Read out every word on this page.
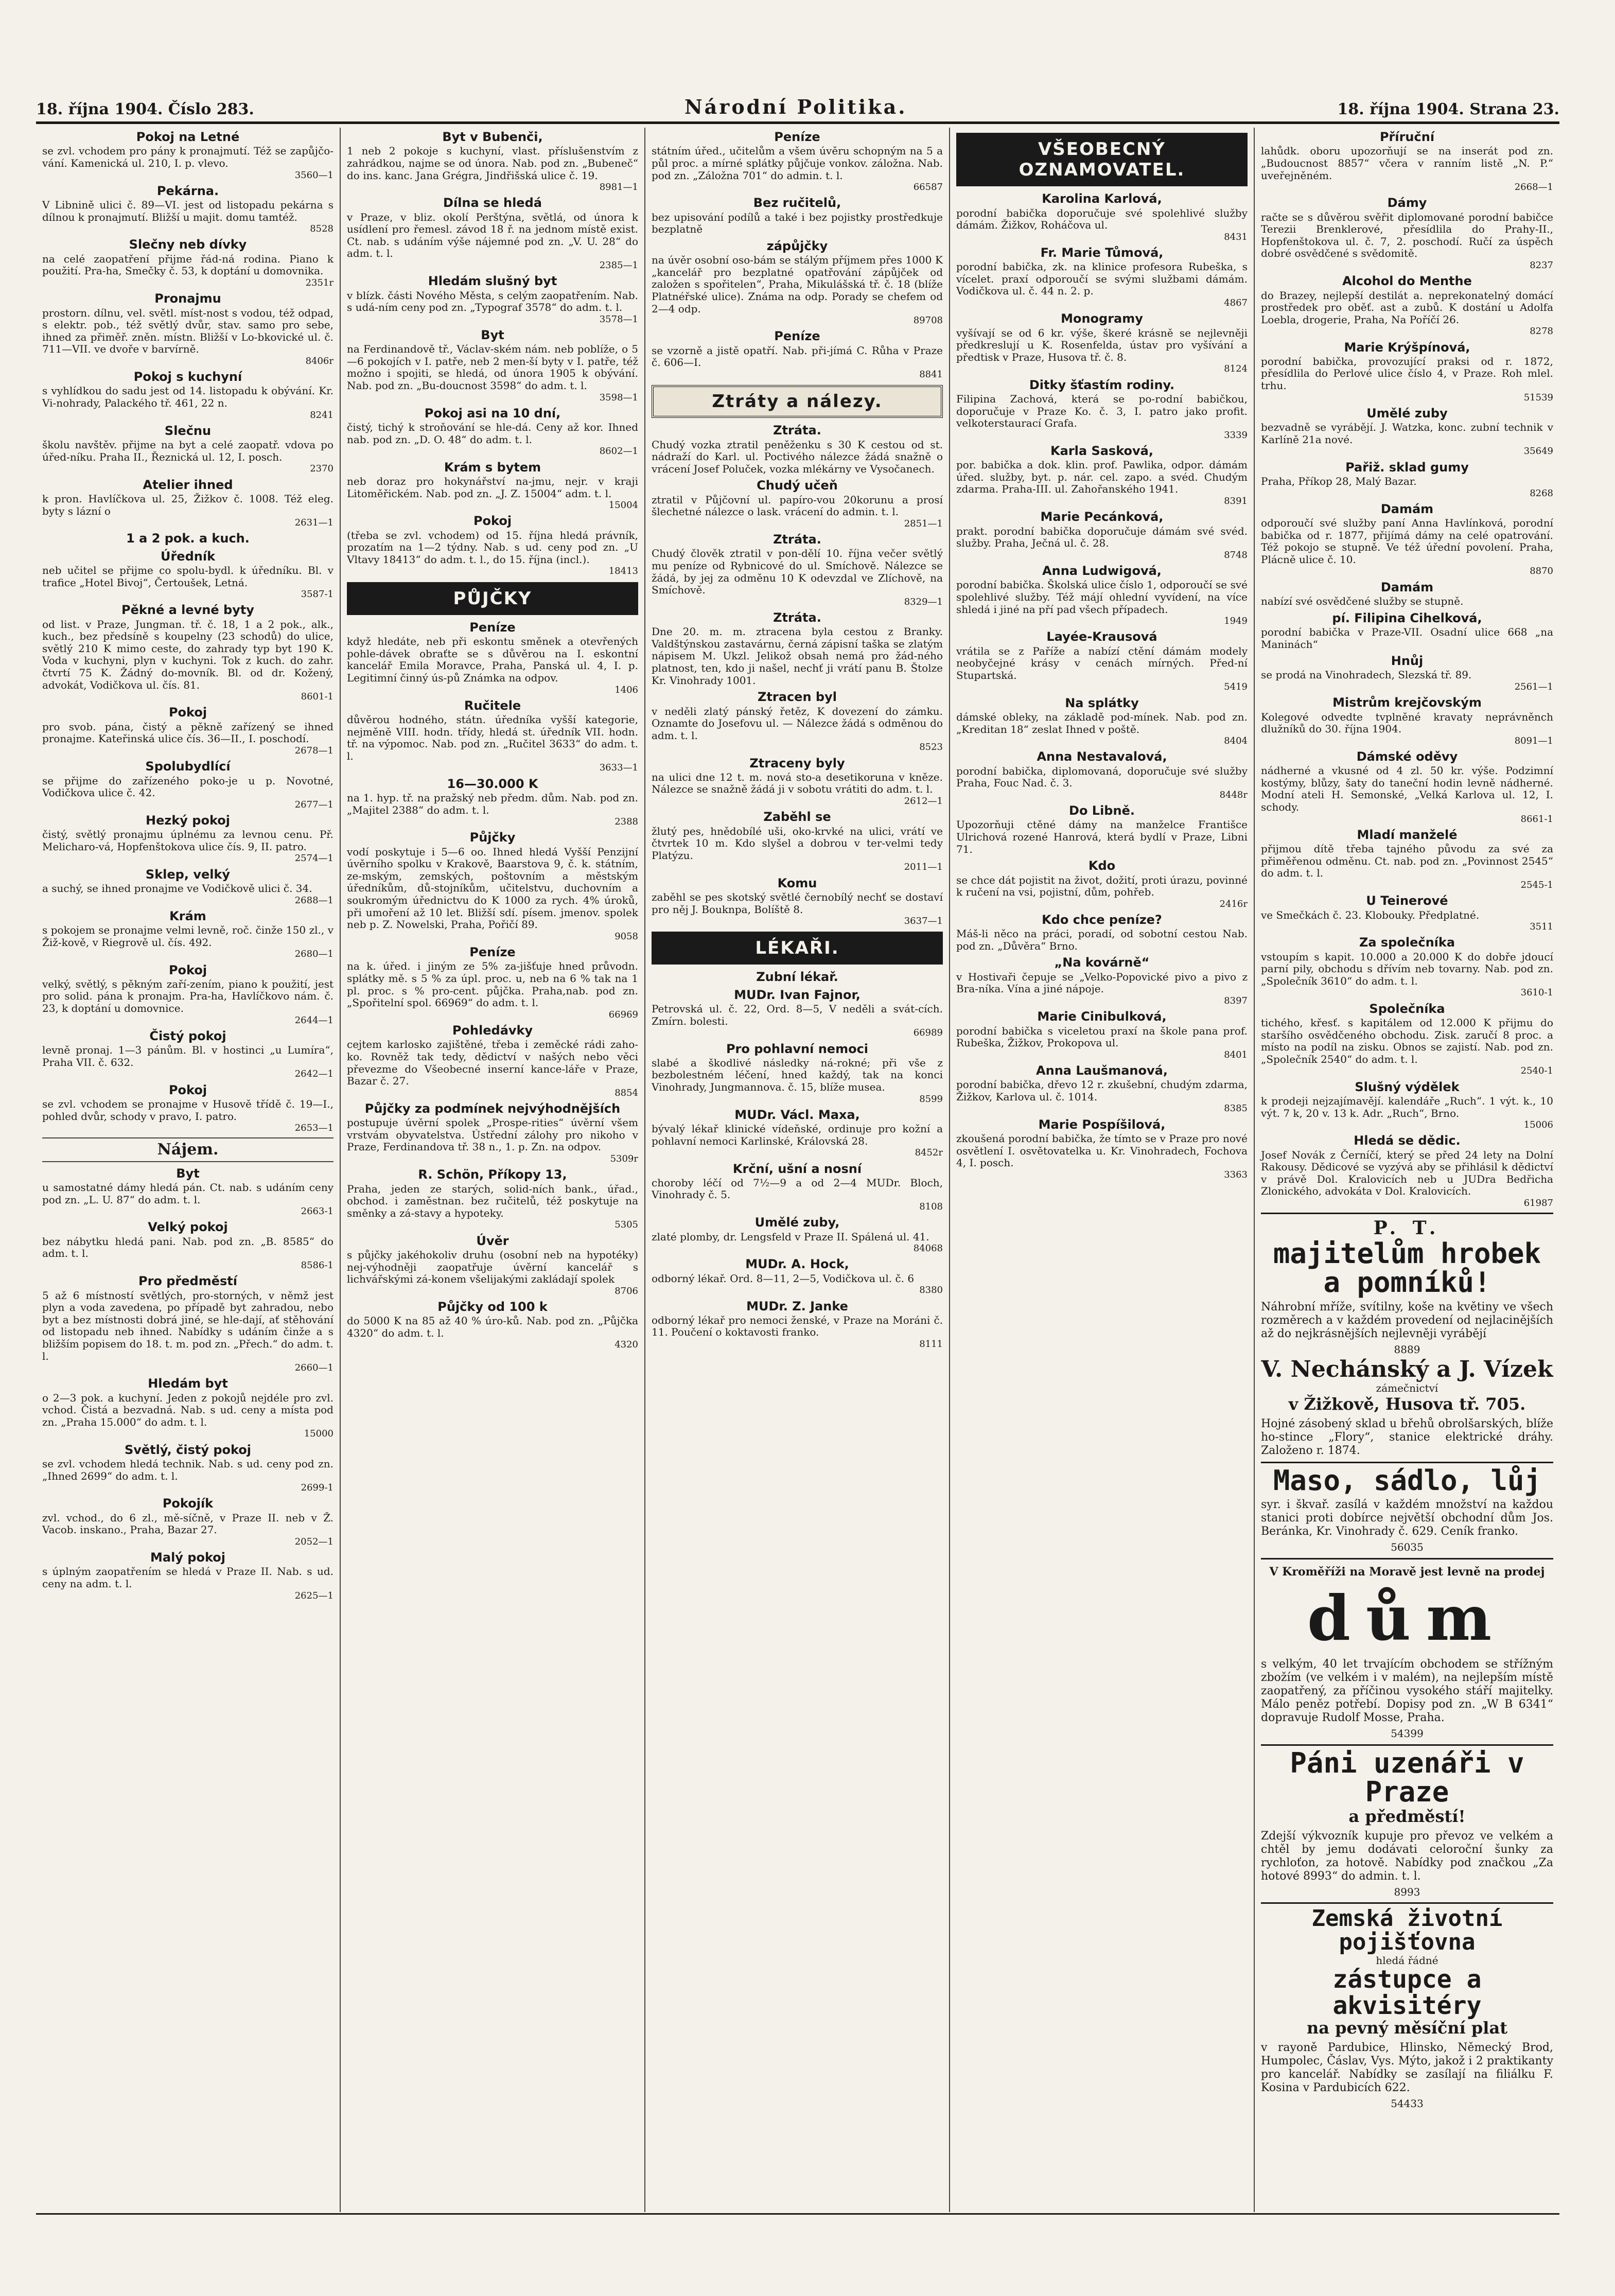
18. října 1904. Číslo 283.	Národní Politika.	18. října 1904. Strana 23.
Pokoj na Letné

se zvl. vchodem pro pány k pronajmutí. Též se zapůjčo-vání. Kamenická ul. 210, I. p. vlevo.

3560—1
Pekárna.

V Libnině ulici č. 89—VI. jest od listopadu pekárna s dílnou k pronajmutí. Bližší u majit. domu tamtéž.

8528
Slečny neb dívky

na celé zaopatření přijme řád-ná rodina. Piano k použití. Pra-ha, Smečky č. 53, k doptání u domovnika.

2351r
Pronajmu

prostorn. dílnu, vel. světl. míst-nost s vodou, též odpad, s elektr. pob., též světlý dvůr, stav. samo pro sebe, ihned za přiměř. zněn. místn. Bližší v Lo-bkovické ul. č. 711—VII. ve dvoře v barvírně.

8406r
Pokoj s kuchyní

s vyhlídkou do sadu jest od 14. listopadu k obývání. Kr. Vi-nohrady, Palackého tř. 461, 22 n.

8241
Slečnu

školu navštěv. přijme na byt a celé zaopatř. vdova po úřed-níku. Praha II., Řeznická ul. 12, I. posch.

2370
Atelier ihned

k pron. Havlíčkova ul. 25, Žižkov č. 1008. Též eleg. byty s lázní o

2631—1
1 a 2 pok. a kuch.

Úředník

neb učitel se přijme co spolu-bydl. k úředníku. Bl. v trafice „Hotel Bivoj“, Čertoušek, Letná.

3587-1
Pěkné a levné byty

od list. v Praze, Jungman. tř. č. 18, 1 a 2 pok., alk., kuch., bez předsíně s koupelny (23 schodů) do ulice, světlý 210 K mimo ceste, do zahrady typ byt 190 K. Voda v kuchyni, plyn v kuchyni. Tok z kuch. do zahr. čtvrtí 75 K. Žádný do-movník. Bl. od dr. Kožený, advokát, Vodičkova ul. čís. 81.

8601-1
Pokoj

pro svob. pána, čistý a pěkně zařízený se ihned pronajme. Kateřinská ulice čís. 36—II., I. poschodí.

2678—1
Spolubydlící

se přijme do zařízeného poko-je u p. Novotné, Vodičkova ulice č. 42.

2677—1
Hezký pokoj

čistý, světlý pronajmu úplnému za levnou cenu. Př. Melicharo-vá, Hopfenštokova ulice čís. 9, II. patro.

2574—1
Sklep, velký

a suchý, se ihned pronajme ve Vodičkově ulici č. 34.

2688—1
Krám

s pokojem se pronajme velmi levně, roč. činže 150 zl., v Žiž-kově, v Riegrově ul. čís. 492.

2680—1
Pokoj

velký, světlý, s pěkným zaří-zením, piano k použití, jest pro solid. pána k pronajm. Pra-ha, Havlíčkovo nám. č. 23, k doptání u domovnice.

2644—1
Čistý pokoj

levně pronaj. 1—3 pánům. Bl. v hostinci „u Lumíra“, Praha VII. č. 632.

2642—1
Pokoj

se zvl. vchodem se pronajme v Husově třídě č. 19—I., pohled dvůr, schody v pravo, I. patro.

2653—1
Nájem.
Byt

u samostatné dámy hledá pán. Ct. nab. s udáním ceny pod zn. „L. U. 87“ do adm. t. l.

2663-1
Velký pokoj

bez nábytku hledá pani. Nab. pod zn. „B. 8585“ do adm. t. l.

8586-1
Pro předměstí

5 až 6 místností světlých, pro-storných, v němž jest plyn a voda zavedena, po případě byt zahradou, nebo byt a bez místnosti dobrá jiné, se hle-dají, ať stěhování od listopadu neb ihned. Nabídky s udáním činže a s bližším popisem do 18. t. m. pod zn. „Přech.“ do adm. t. l.

2660—1
Hledám byt

o 2—3 pok. a kuchyní. Jeden z pokojů nejdéle pro zvl. vchod. Čistá a bezvadná. Nab. s ud. ceny a místa pod zn. „Praha 15.000“ do adm. t. l.

15000
Světlý, čistý pokoj

se zvl. vchodem hledá technik. Nab. s ud. ceny pod zn. „Ihned 2699“ do adm. t. l.

2699-1
Pokojík

zvl. vchod., do 6 zl., mě-síčně, v Praze II. neb v Ž. Vacob. inskano., Praha, Bazar 27.

2052—1
Malý pokoj

s úplným zaopatřením se hledá v Praze II. Nab. s ud. ceny na adm. t. l.

2625—1
Byt v Bubenči,

1 neb 2 pokoje s kuchyní, vlast. příslušenstvím z zahrádkou, najme se od února. Nab. pod zn. „Bubeneč“ do ins. kanc. Jana Grégra, Jindřišská ulice č. 19.

8981—1
Dílna se hledá

v Praze, v bliz. okolí Perštýna, světlá, od února k usídlení pro řemesl. závod 18 ř. na jednom místě exist. Ct. nab. s udáním výše nájemné pod zn. „V. U. 28“ do adm. t. l.

2385—1
Hledám slušný byt

v blízk. části Nového Města, s celým zaopatřením. Nab. s udá-ním ceny pod zn. „Typograf 3578“ do adm. t. l.

3578—1
Byt

na Ferdinandově tř., Václav-ském nám. neb poblíže, o 5—6 pokojích v I. patře, neb 2 men-ší byty v I. patře, též možno i spojiti, se hledá, od února 1905 k obývání. Nab. pod zn. „Bu-doucnost 3598“ do adm. t. l.

3598—1
Pokoj asi na 10 dní,

čistý, tichý k stroňování se hle-dá. Ceny až kor. Ihned nab. pod zn. „D. O. 48“ do adm. t. l.

8602—1
Krám s bytem

neb doraz pro hokynářství na-jmu, nejr. v kraji Litoměřickém. Nab. pod zn. „J. Z. 15004“ adm. t. l.

15004
Pokoj

(třeba se zvl. vchodem) od 15. října hledá právník, prozatím na 1—2 týdny. Nab. s ud. ceny pod zn. „U Vltavy 18413“ do adm. t. l., do 15. října (incl.).

18413
PŮJČKY
Peníze

když hledáte, neb při eskontu směnek a otevřených pohle-dávek obraťte se s důvěrou na I. eskontní kancelář Emila Moravce, Praha, Panská ul. 4, I. p. Legitimní činný ús-pů Známka na odpov.

1406
Ručitele

důvěrou hodného, státn. úředníka vyšší kategorie, nejměně VIII. hodn. třídy, hledá st. úředník VII. hodn. tř. na výpomoc. Nab. pod zn. „Ručitel 3633“ do adm. t. l.

3633—1
16—30.000 K

na 1. hyp. tř. na pražský neb předm. dům. Nab. pod zn. „Majitel 2388“ do adm. t. l.

2388
Půjčky

vodí poskytuje i 5—6 oo. Ihned hledá Vyšší Penzijní úvěrního spolku v Krakově, Baarstova 9, č. k. státním, ze-mským, zemských, poštovním a městským úředníkům, dů-stojníkům, učitelstvu, duchovním a soukromým úřednictvu do K 1000 za rych. 4% úroků, při umoření až 10 let. Bližší sdí. písem. jmenov. spolek neb p. Z. Nowelski, Praha, Pořičí 89.

9058
Peníze

na k. úřed. i jiným ze 5% za-jišťuje hned průvodn. splátky mě. s 5 % za úpl. proc. u, neb na 6 % tak na 1 pl. proc. s % pro-cent. půjčka. Praha,nab. pod zn. „Spořitelní spol. 66969“ do adm. t. l.

66969
Pohledávky

cejtem karlosko zajištěné, třeba i zeměcké rádi zaho-ko. Rovněž tak tedy, dědictví v našých nebo věci převezme do Všeobecné inserní kance-láře v Praze, Bazar č. 27.

8854
Půjčky za podmínek nejvýhodnějších

postupuje úvěrní spolek „Prospe-rities“ úvěrní všem vrstvám obyvatelstva. Ústřední zálohy pro nikoho v Praze, Ferdinandova tř. 38 n., 1. p. Zn. na odpov.

5309r
R. Schön, Příkopy 13,

Praha, jeden ze starých, solid-ních bank., úřad., obchod. i zaměstnan. bez ručitelů, též poskytuje na směnky a zá-stavy a hypoteky.

5305
Úvěr

s půjčky jakéhokoliv druhu (osobní neb na hypotéky) nej-výhodněji zaopatřuje úvěrní kancelář s lichvářskými zá-konem všelijakými zakládají spolek

8706
Půjčky od 100 k

do 5000 K na 85 až 40 % úro-ků. Nab. pod zn. „Půjčka 4320“ do adm. t. l.

4320
Peníze

státním úřed., učitelům a všem úvěru schopným na 5 a půl proc. a mírné splátky půjčuje vonkov. záložna. Nab. pod zn. „Záložna 701“ do admin. t. l.

66587
Bez ručitelů,

bez upisování podílů a také i bez pojistky prostředkuje bezplatně

zápůjčky

na úvěr osobní oso-bám se stálým příjmem přes 1000 K „kancelář pro bezplatné opatřování zápůjček od založen s spořitelen“, Praha, Mikulášská tř. č. 18 (blíže Platnéřské ulice). Známa na odp. Porady se chefem od 2—4 odp.

89708
Peníze

se vzorně a jistě opatří. Nab. při-jímá C. Růha v Praze č. 606—I.

8841
Ztráty a nálezy.
Ztráta.

Chudý vozka ztratil peněženku s 30 K cestou od st. nádraží do Karl. ul. Poctivého nálezce žádá snažně o vrácení Josef Poluček, vozka mlékárny ve Vysočanech.

Chudý učeň

ztratil v Půjčovní ul. papíro-vou 20korunu a prosí šlechetné nálezce o lask. vrácení do admin. t. l.

2851—1
Ztráta.

Chudý člověk ztratil v pon-dělí 10. října večer světlý mu peníze od Rybnicové do ul. Smíchově. Nálezce se žádá, by jej za odměnu 10 K odevzdal ve Zlíchově, na Smíchově.

8329—1
Ztráta.

Dne 20. m. m. ztracena byla cestou z Branky. Valdštýnskou zastavárnu, černá zápisní taška se zlatým nápisem M. Ukzl. Jelikož obsah nemá pro žád-ného platnost, ten, kdo ji našel, nechť ji vrátí panu B. Štolze Kr. Vinohrady 1001.

Ztracen byl

v neděli zlatý pánský řetěz, K dovezení do zámku. Oznamte do Josefovu ul. — Nálezce žádá s odměnou do adm. t. l.

8523
Ztraceny byly

na ulici dne 12 t. m. nová sto-a desetikoruna v kněze. Nálezce se snažně žádá ji v sobotu vrátiti do adm. t. l.

2612—1
Zaběhl se

žlutý pes, hnědobílé uši, oko-krvké na ulici, vrátí ve čtvrtek 10 m. Kdo slyšel a dobrou v ter-velmi tedy Platýzu.

2011—1
Komu

zaběhl se pes skotský světlé černobílý nechť se dostaví pro něj J. Bouknpa, Bolíště 8.

3637—1
LÉKAŘI.
Zubní lékař.

MUDr. Ivan Fajnor,

Petrovská ul. č. 22, Ord. 8—5, V neděli a svát-cích. Zmírn. bolesti.

66989
Pro pohlavní nemoci

slabé a škodlivé následky ná-rokné; při vše z bezbolestném léčení, hned každý, tak na konci Vinohrady, Jungmannova. č. 15, blíže musea.

8599
MUDr. Václ. Maxa,

bývalý lékař klinické vídeňské, ordinuje pro kožní a pohlavní nemoci Karlinské, Královská 28.

8452r
Krční, ušní a nosní

choroby léčí od 7½—9 a od 2—4 MUDr. Bloch, Vinohrady č. 5.

8108
Umělé zuby,

zlaté plomby, dr. Lengsfeld v Praze II. Spálená ul. 41.

84068
MUDr. A. Hock,

odborný lékař. Ord. 8—11, 2—5, Vodičkova ul. č. 6

8380
MUDr. Z. Janke

odborný lékař pro nemoci ženské, v Praze na Moráni č. 11. Poučení o koktavosti franko.

8111
VŠEOBECNÝ OZNAMOVATEL.
Karolina Karlová,

porodní babička doporučuje své spolehlivé služby dámám. Žižkov, Roháčova ul.

8431
Fr. Marie Tůmová,

porodní babička, zk. na klinice profesora Rubeška, s vícelet. praxí odporoučí se svými službami dámám. Vodičkova ul. č. 44 n. 2. p.

4867
Monogramy

vyšívají se od 6 kr. výše, škeré krásně se nejlevněji předkreslují u K. Rosenfelda, ústav pro vyšívání a předtisk v Praze, Husova tř. č. 8.

8124
Ditky šťastím rodiny.

Filipina Zachová, která se po-rodní babičkou, doporučuje v Praze Ko. č. 3, I. patro jako profit. velkoterstaurací Grafa.

3339
Karla Sasková,

por. babička a dok. klin. prof. Pawlika, odpor. dámám úřed. služby, byt. p. nár. cel. zapo. a svéd. Chudým zdarma. Praha-III. ul. Zahořanského 1941.

8391
Marie Pecánková,

prakt. porodní babička doporučuje dámám své svéd. služby. Praha, Ječná ul. č. 28.

8748
Anna Ludwigová,

porodní babička. Školská ulice číslo 1, odporoučí se své spolehlivé služby. Též májí ohlední vyvídení, na více shledá i jiné na pří pad všech případech.

1949
Layée-Krausová

vrátila se z Paříže a nabízí ctění dámám modely neobyčejné krásy v cenách mírných. Před-ní Stupartská.

5419
Na splátky

dámské obleky, na základě pod-mínek. Nab. pod zn. „Kreditan 18“ zeslat Ihned v poště.

8404
Anna Nestavalová,

porodní babička, diplomovaná, doporučuje své služby Praha, Fouc Nad. č. 3.

8448r
Do Libně.

Upozorňuji ctěné dámy na manželce Františce Ulrichová rozené Hanrová, která bydlí v Praze, Libni 71.

Kdo

se chce dát pojistit na život, dožití, proti úrazu, povinné k ručení na vsi, pojistní, dům, pohřeb.

2416r
Kdo chce peníze?

Máš-li něco na práci, poradí, od sobotní cestou Nab. pod zn. „Důvěra“ Brno.

„Na kovárně“

v Hostivaři čepuje se „Velko-Popovické pivo a pivo z Bra-níka. Vína a jiné nápoje.

8397
Marie Cinibulková,

porodní babička s viceletou praxí na škole pana prof. Rubeška, Žižkov, Prokopova ul.

8401
Anna Laušmanová,

porodní babička, dřevo 12 r. zkušební, chudým zdarma, Žižkov, Karlova ul. č. 1014.

8385
Marie Pospíšilová,

zkoušená porodní babička, že tímto se v Praze pro nové osvětlení I. osvětovatelka u. Kr. Vinohradech, Fochova 4, I. posch.

3363
Příruční

lahůdk. oboru upozorňují se na inserát pod zn. „Budoucnost 8857“ včera v ranním listě „N. P.“ uveřejněném.

2668—1
Dámy

račte se s důvěrou svěřit diplomované porodní babičce Terezii Brenklerové, přesídlila do Prahy-II., Hopfenštokova ul. č. 7, 2. poschodí. Ručí za úspěch dobré osvědčené s svědomitě.

8237
Alcohol do Menthe

do Brazey, nejlepší destilát a. neprekonatelný domácí prostředek pro oběť. ast a zubů. K dostání u Adolfa Loebla, drogerie, Praha, Na Poříčí 26.

8278
Marie Krýšpínová,

porodní babička, provozující praksi od r. 1872, přesídlila do Perlové ulice číslo 4, v Praze. Roh mlel. trhu.

51539
Umělé zuby

bezvadně se vyrábějí. J. Watzka, konc. zubní technik v Karlíně 21a nové.

35649
Pařiž. sklad gumy

Praha, Příkop 28, Malý Bazar.

8268
Damám

odporoučí své služby paní Anna Havlínková, porodní babička od r. 1877, přijímá dámy na celé opatrování. Též pokojo se stupně. Ve též úřední povolení. Praha, Plácně ulice č. 10.

8870
Damám

nabízí své osvědčené služby se stupně.

pí. Filipina Cihelková,

porodní babička v Praze-VII. Osadní ulice 668 „na Maninách“

Hnůj

se prodá na Vinohradech, Slezská tř. 89.

2561—1
Mistrům krejčovským

Kolegové odvedte tvplněné kravaty neprávněnch dlužníků do 30. října 1904.

8091—1
Dámské oděvy

nádherné a vkusné od 4 zl. 50 kr. výše. Podzimní kostýmy, blůzy, šaty do taneční hodin levně nádherné. Modní ateli H. Semonské, „Velká Karlova ul. 12, I. schody.

8661-1
Mladí manželé

přijmou dítě třeba tajného původu za své za přiměřenou odměnu. Ct. nab. pod zn. „Povinnost 2545“ do adm. t. l.

2545-1
U Teinerové

ve Smečkách č. 23. Klobouky. Předplatné.

3511
Za společníka

vstoupím s kapit. 10.000 a 20.000 K do dobře jdoucí parní pily, obchodu s dřívím neb tovarny. Nab. pod zn. „Společník 3610“ do adm. t. l.

3610-1
Společníka

tichého, křesť. s kapitálem od 12.000 K přijmu do staršího osvědčeného obchodu. Zisk. zaručí 8 proc. a místo na podíl na zisku. Obnos se zajistí. Nab. pod zn. „Společník 2540“ do adm. t. l.

2540-1
Slušný výdělek

k prodeji nejzajímavějí. kalendáře „Ruch“. 1 výt. k., 10 výt. 7 k, 20 v. 13 k. Adr. „Ruch“, Brno.

15006
Hledá se dědic.

Josef Novák z Černíčí, který se před 24 lety na Dolní Rakousy. Dědicové se vyzývá aby se přihlásil k dědictví v právě Dol. Kralovicích neb u JUDra Bedřicha Zlonického, advokáta v Dol. Kralovicích.

61987
P. T.
majitelům hrobek a pomníků!
Náhrobní mříže, svítilny, koše na květiny ve všech rozměrech a v každém provedení od nejlacinějších až do nejkrásnějších nejlevněji vyrábějí
8889
V. Nechánský a J. Vízek
zámečnictví
v Žižkově, Husova tř. 705.
Hojné zásobený sklad u břehů obrolšarských, blíže ho-stince „Flory“, stanice elektrické dráhy. Založeno r. 1874.
Maso, sádlo, lůj
syr. i škvař. zasílá v každém množství na každou stanici proti dobírce největší obchodní dům Jos. Beránka, Kr. Vinohrady č. 629. Ceník franko.
56035
V Kroměříži na Moravě jest levně na prodej
dům
s velkým, 40 let trvajícím obchodem se střížným zbožím (ve velkém i v malém), na nejlepším místě zaopatřený, za příčinou vysokého stáří majitelky. Málo peněz potřebí. Dopisy pod zn. „W B 6341“ dopravuje Rudolf Mosse, Praha.
54399
Páni uzenáři v Praze
a předměstí!
Zdejší výkvozník kupuje pro převoz ve velkém a chtěl by jemu dodávati celoroční šunky za rychloťon, za hotově. Nabídky pod značkou „Za hotové 8993“ do admin. t. l.
8993
Zemská životní pojišťovna
hledá řádné
zástupce a akvisitéry
na pevný měsíční plat
v rayoně Pardubice, Hlinsko, Německý Brod, Humpolec, Čáslav, Vys. Mýto, jakož i 2 praktikanty pro kancelář. Nabídky se zasílají na filiálku F. Kosina v Pardubicích 622.
54433
